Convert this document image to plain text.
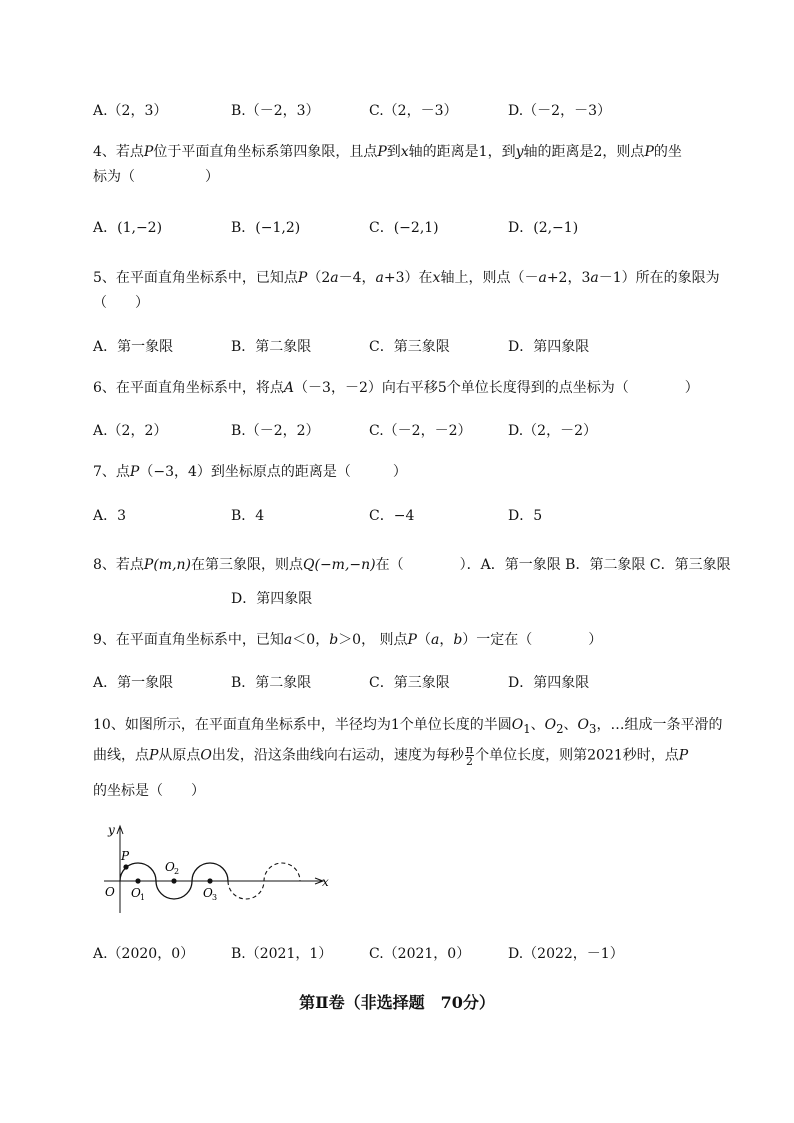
A.（2，3）	B.（－2，3）	C.（2，－3）	D.（－2，－3）
4、若点P位于平面直角坐标系第四象限，且点P到x轴的距离是1，到y轴的距离是2，则点P的坐
标为（　　　　　）
A．(1,−2)	B．(−1,2)	C．(−2,1)	D．(2,−1)
5、在平面直角坐标系中，已知点P（2a－4，a+3）在x轴上，则点（－a+2，3a－1）所在的象限为
（　　）
A．第一象限	B．第二象限	C．第三象限	D．第四象限
6、在平面直角坐标系中，将点A（－3，－2）向右平移5个单位长度得到的点坐标为（　　　　）
A.（2，2）	B.（－2，2）	C.（－2，－2）	D.（2，－2）
7、点P（−3，4）到坐标原点的距离是（　　　）
A．3	B．4	C．−4	D．5
8、若点P(m,n)在第三象限，则点Q(−m,−n)在（　　　　）．A．第一象限 B．第二象限 C．第三象限
D．第四象限
9、在平面直角坐标系中，已知a＜0，b＞0， 则点P（a，b）一定在（　　　　）
A．第一象限	B．第二象限	C．第三象限	D．第四象限
10、如图所示，在平面直角坐标系中，半径均为1个单位长度的半圆$O_1$、$O_2$、$O_3$，…组成一条平滑的
曲线，点P从原点O出发，沿这条曲线向右运动，速度为每秒 $\frac{\pi}{2}$ 个单位长度，则第2021秒时，点P
的坐标是（　　）
y
x
O
P
O 1
O 2
O 3
A.（2020，0）	B.（2021，1）	C.（2021，0）	D.（2022，－1）
第Ⅱ卷（非选择题　70分）
